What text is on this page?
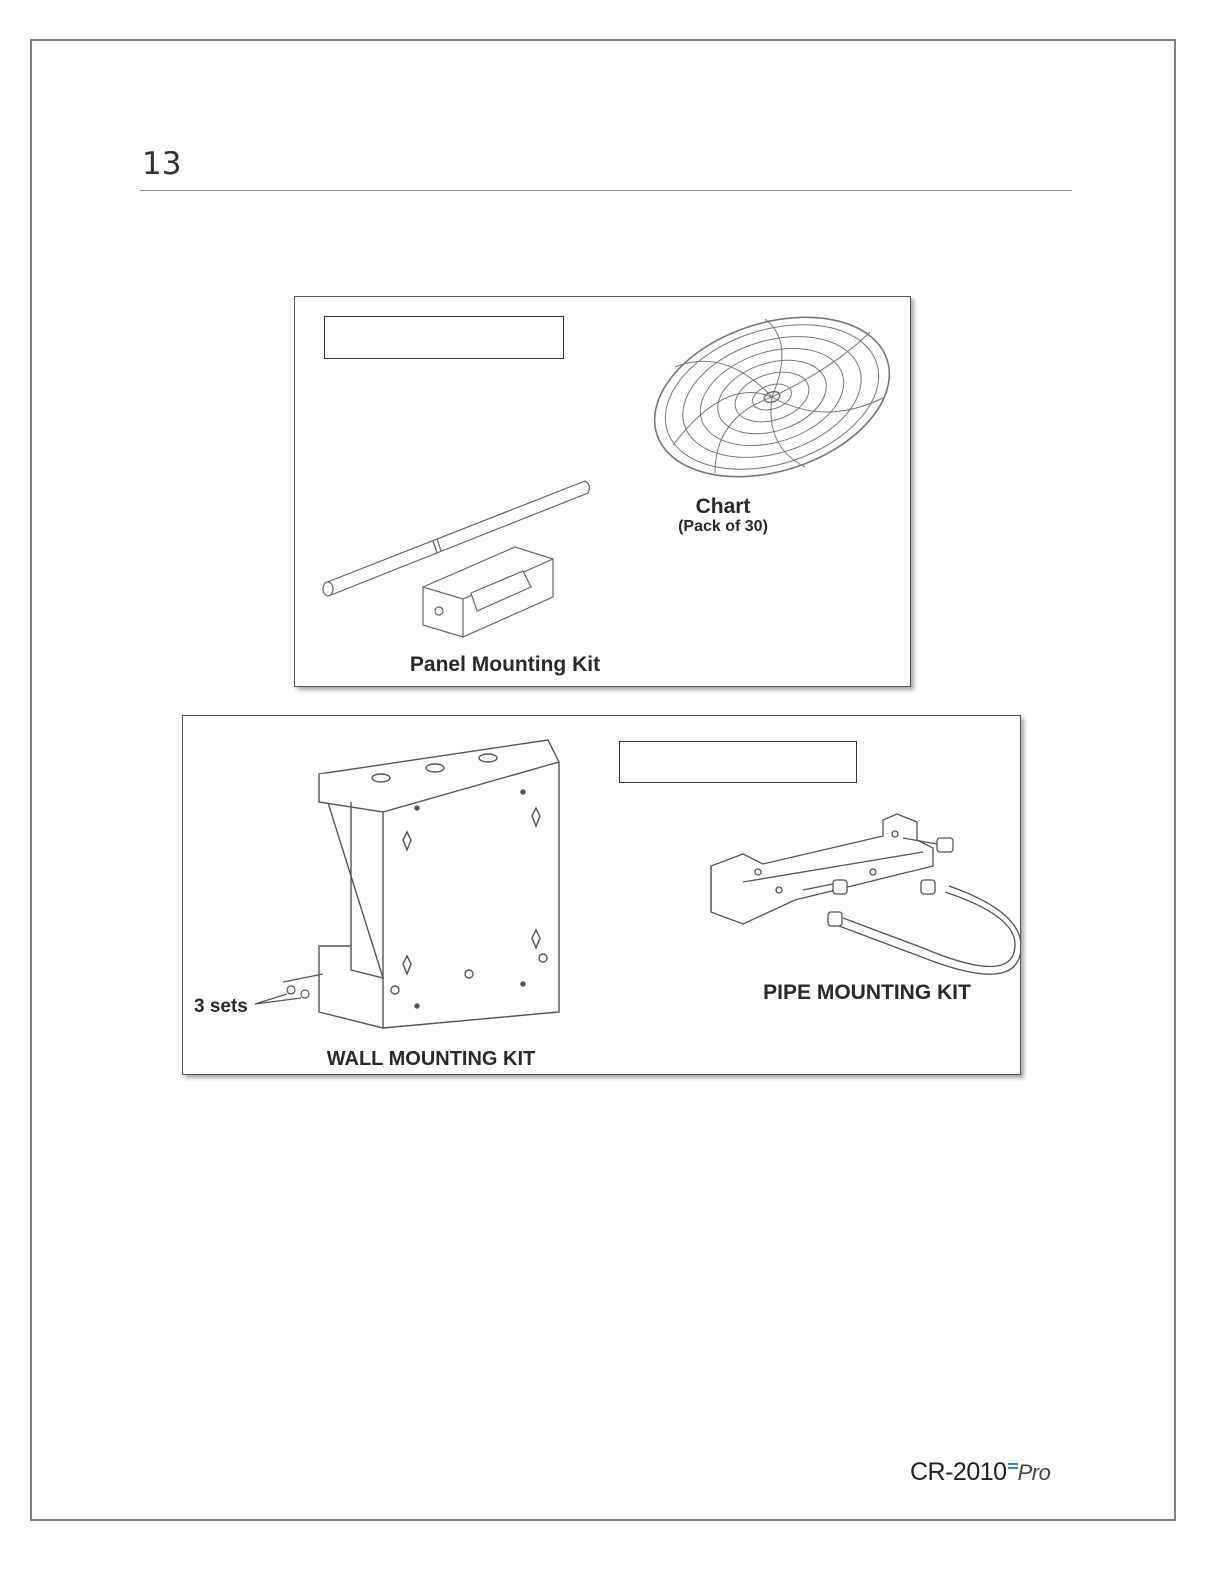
13
Chart
(Pack of 30)
Panel Mounting Kit
3 sets
WALL MOUNTING KIT
PIPE MOUNTING KIT
CR-2010 Pro
